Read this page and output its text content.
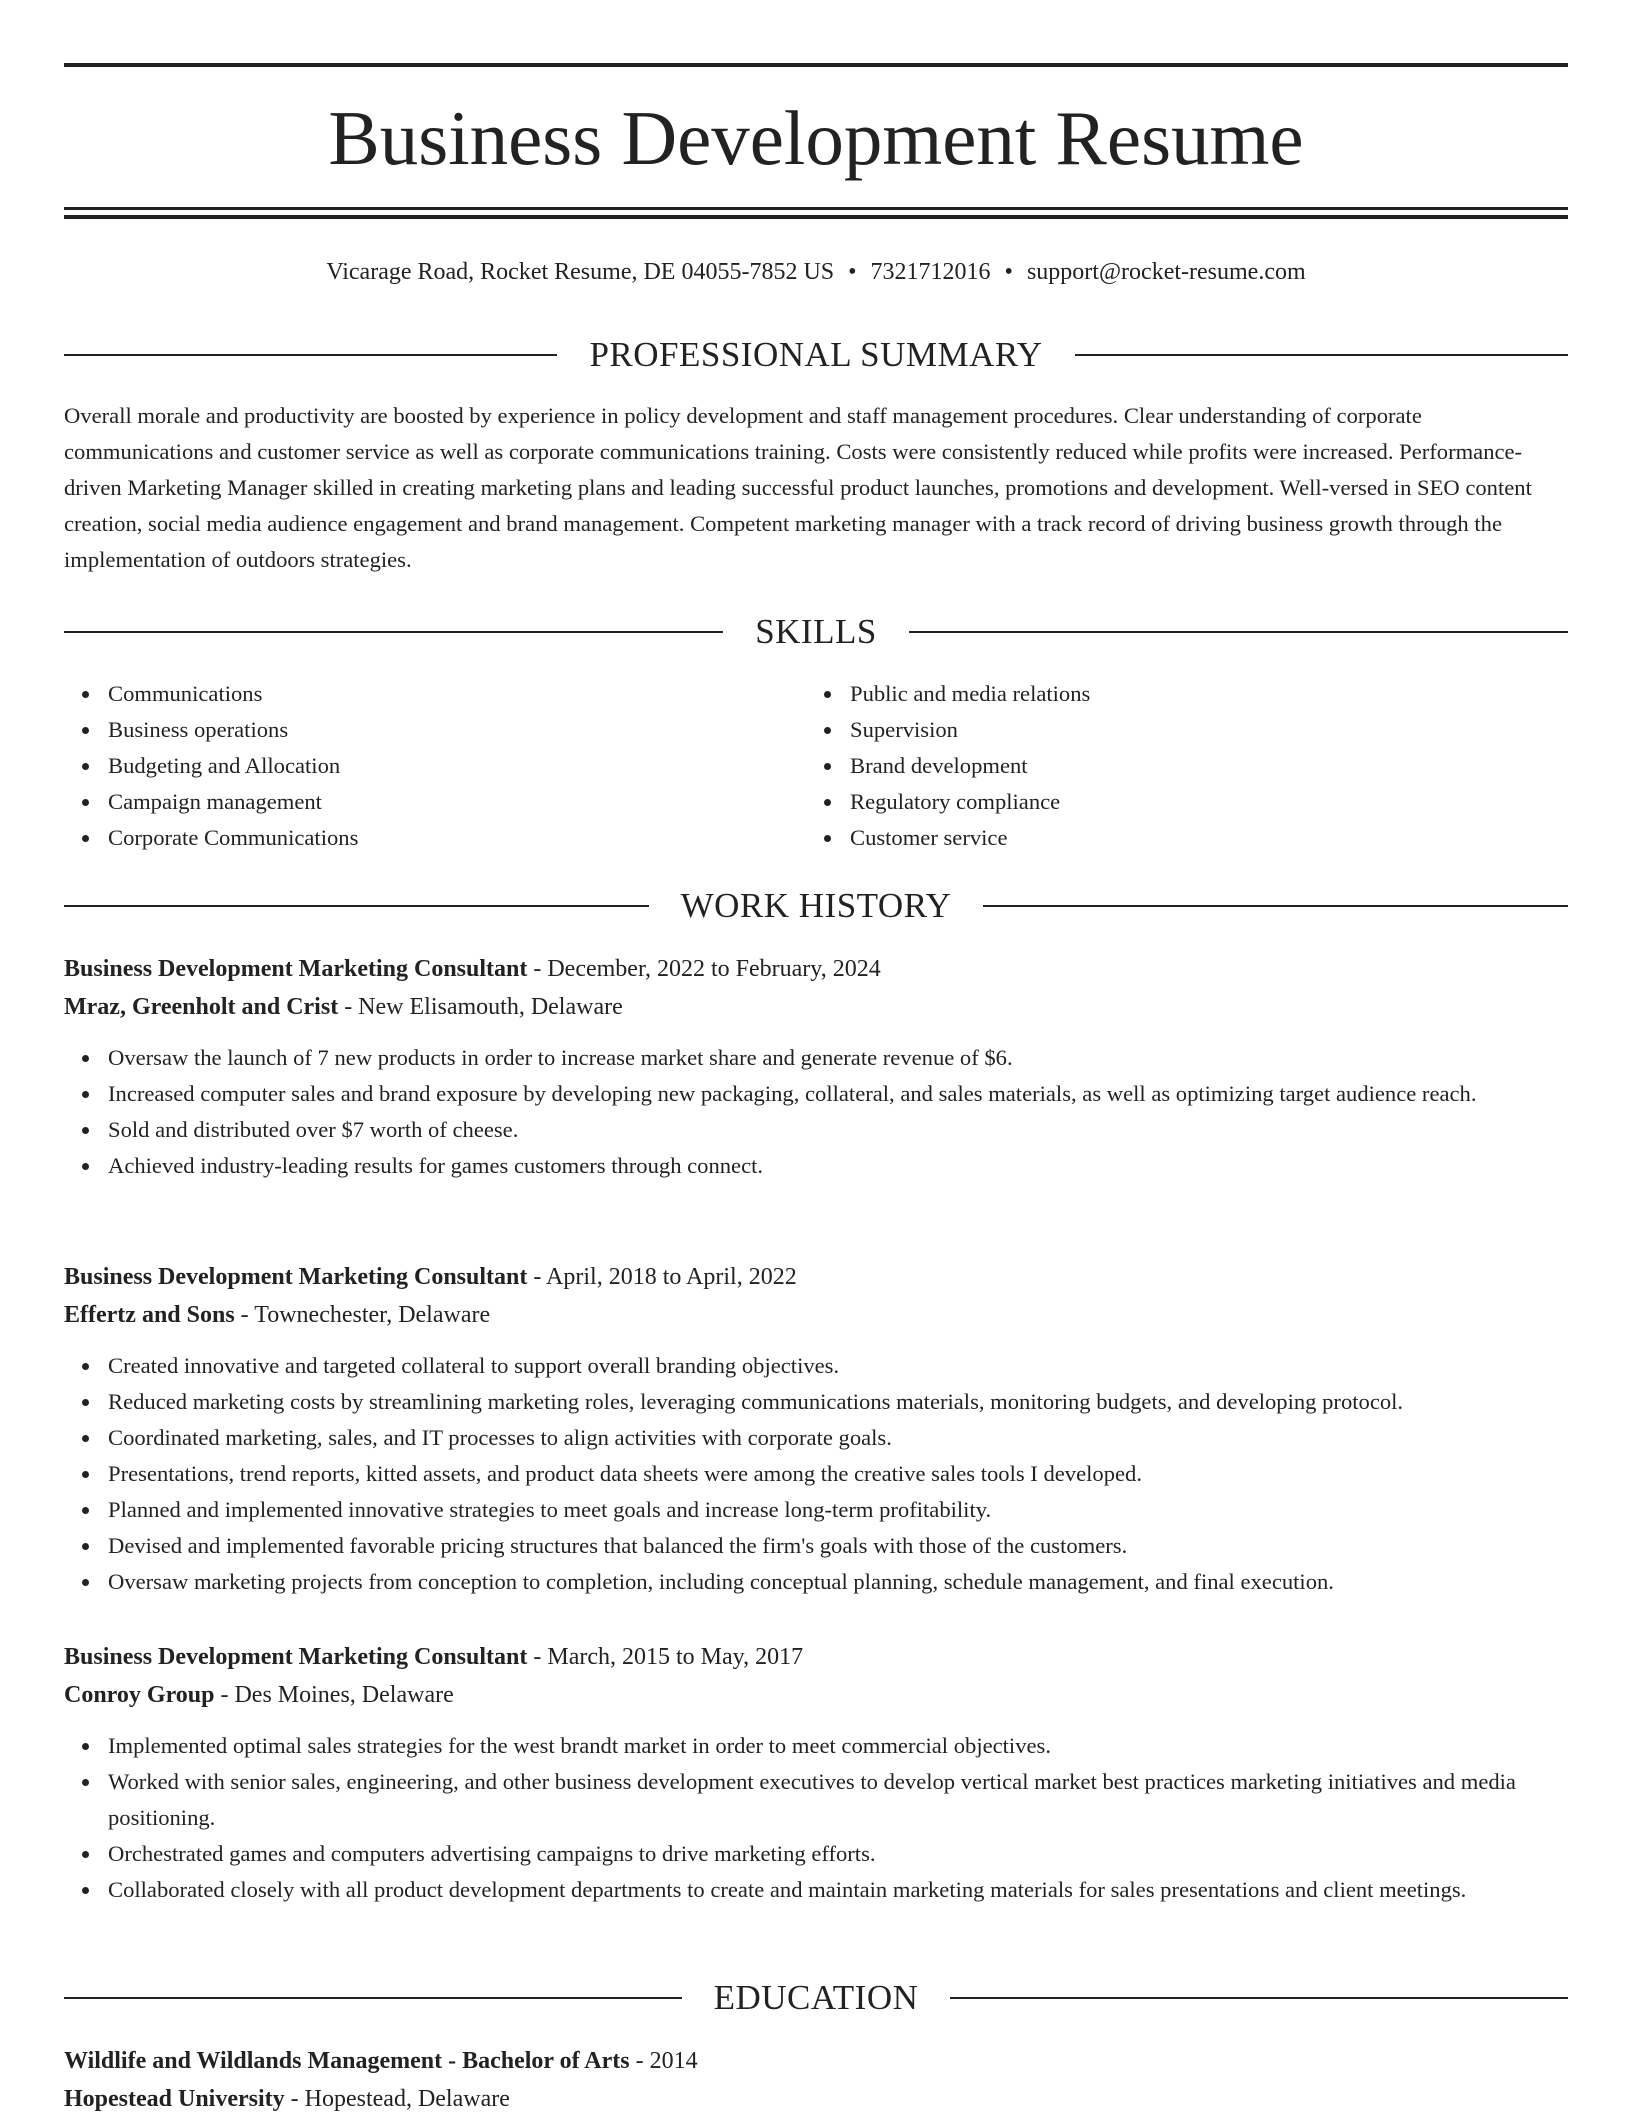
Business Development Resume
Vicarage Road, Rocket Resume, DE 04055-7852 US • 7321712016 • support@rocket-resume.com
PROFESSIONAL SUMMARY

Overall morale and productivity are boosted by experience in policy development and staff management procedures. Clear understanding of corporate communications and customer service as well as corporate communications training. Costs were consistently reduced while profits were increased. Performance-driven Marketing Manager skilled in creating marketing plans and leading successful product launches, promotions and development. Well-versed in SEO content creation, social media audience engagement and brand management. Competent marketing manager with a track record of driving business growth through the implementation of outdoors strategies.

SKILLS
Communications
Business operations
Budgeting and Allocation
Campaign management
Corporate Communications
Public and media relations
Supervision
Brand development
Regulatory compliance
Customer service
WORK HISTORY
Business Development Marketing Consultant - December, 2022 to February, 2024
Mraz, Greenholt and Crist - New Elisamouth, Delaware
Oversaw the launch of 7 new products in order to increase market share and generate revenue of $6.
Increased computer sales and brand exposure by developing new packaging, collateral, and sales materials, as well as optimizing target audience reach.
Sold and distributed over $7 worth of cheese.
Achieved industry-leading results for games customers through connect.
Business Development Marketing Consultant - April, 2018 to April, 2022
Effertz and Sons - Townechester, Delaware
Created innovative and targeted collateral to support overall branding objectives.
Reduced marketing costs by streamlining marketing roles, leveraging communications materials, monitoring budgets, and developing protocol.
Coordinated marketing, sales, and IT processes to align activities with corporate goals.
Presentations, trend reports, kitted assets, and product data sheets were among the creative sales tools I developed.
Planned and implemented innovative strategies to meet goals and increase long-term profitability.
Devised and implemented favorable pricing structures that balanced the firm's goals with those of the customers.
Oversaw marketing projects from conception to completion, including conceptual planning, schedule management, and final execution.
Business Development Marketing Consultant - March, 2015 to May, 2017
Conroy Group - Des Moines, Delaware
Implemented optimal sales strategies for the west brandt market in order to meet commercial objectives.
Worked with senior sales, engineering, and other business development executives to develop vertical market best practices marketing initiatives and media positioning.
Orchestrated games and computers advertising campaigns to drive marketing efforts.
Collaborated closely with all product development departments to create and maintain marketing materials for sales presentations and client meetings.
EDUCATION
Wildlife and Wildlands Management - Bachelor of Arts - 2014
Hopestead University - Hopestead, Delaware
